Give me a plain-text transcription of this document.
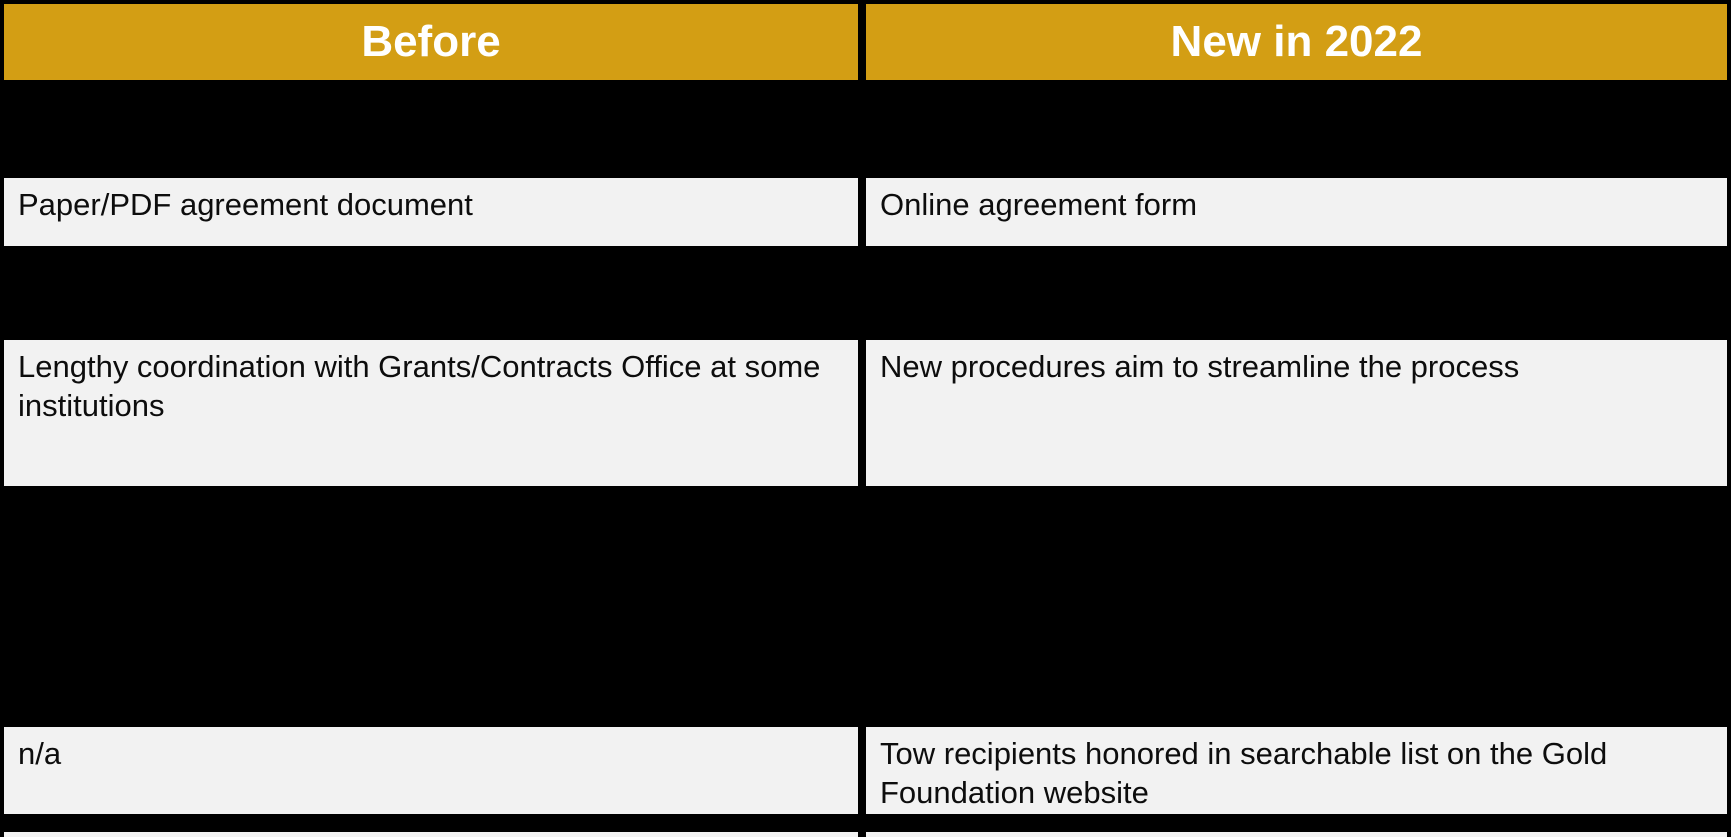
Before	New in 2022

Paper/PDF agreement document	Online agreement form

Lengthy coordination with Grants/Contracts Office at some institutions	New procedures aim to streamline the process

n/a	Tow recipients honored in searchable list on the Gold Foundation website
